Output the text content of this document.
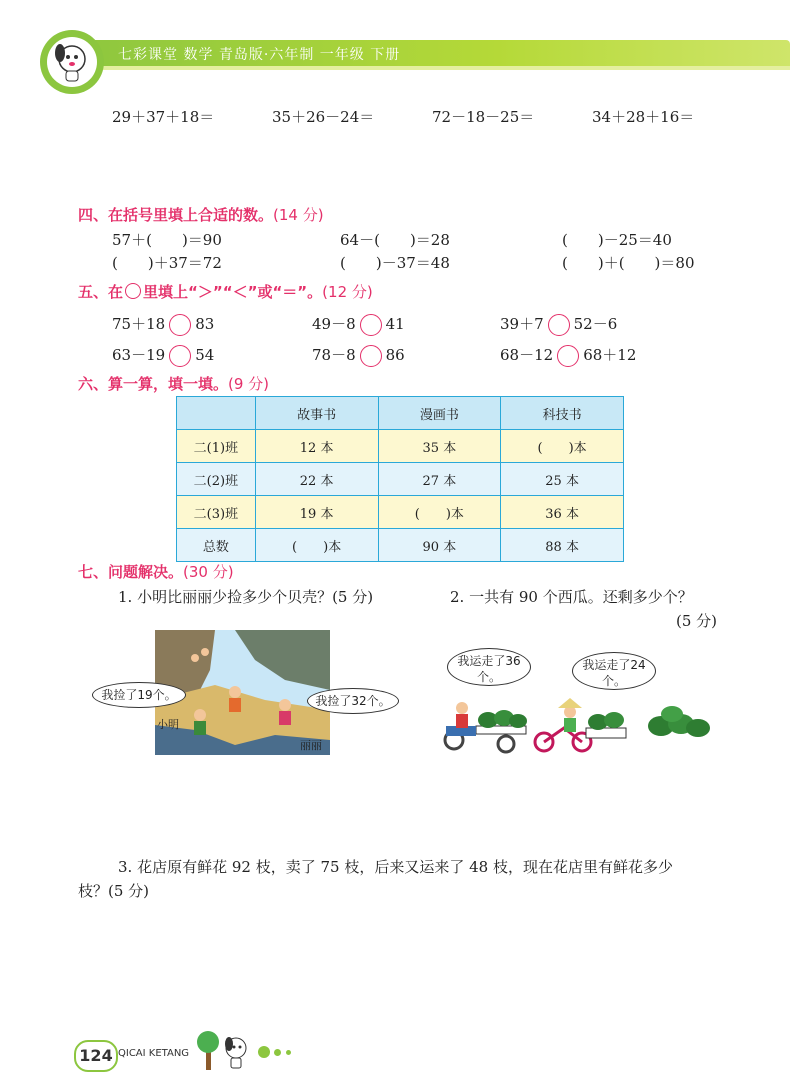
七彩课堂 数学 青岛版·六年制 一年级 下册
29＋37＋18＝	35＋26－24＝	72－18－25＝	34＋28＋16＝
四、在括号里填上合适的数。(14 分)
57＋(　　)＝90	64－(　　)＝28	(　　)－25＝40
(　　)＋37＝72	(　　)－37＝48	(　　)＋(　　)＝80
五、在 里填上“＞”“＜”或“＝”。(12 分)
75＋18 83	49－8 41	39＋7 52－6
63－19 54	78－8 86	68－12 68＋12
六、算一算，填一填。(9 分)
	故事书	漫画书	科技书
二(1)班	12 本	35 本	(　　)本
二(2)班	22 本	27 本	25 本
二(3)班	19 本	(　　)本	36 本
总数	(　　)本	90 本	88 本
七、问题解决。(30 分)
1. 小明比丽丽少捡多少个贝壳？(5 分)	2. 一共有 90 个西瓜。还剩多少个？
(5 分)
我捡了19个。	我捡了32个。
小明
丽丽
我运走了36个。
我运走了24个。
3. 花店原有鲜花 92 枝，卖了 75 枝，后来又运来了 48 枝，现在花店里有鲜花多少
枝？(5 分)
124 QICAI KETANG
